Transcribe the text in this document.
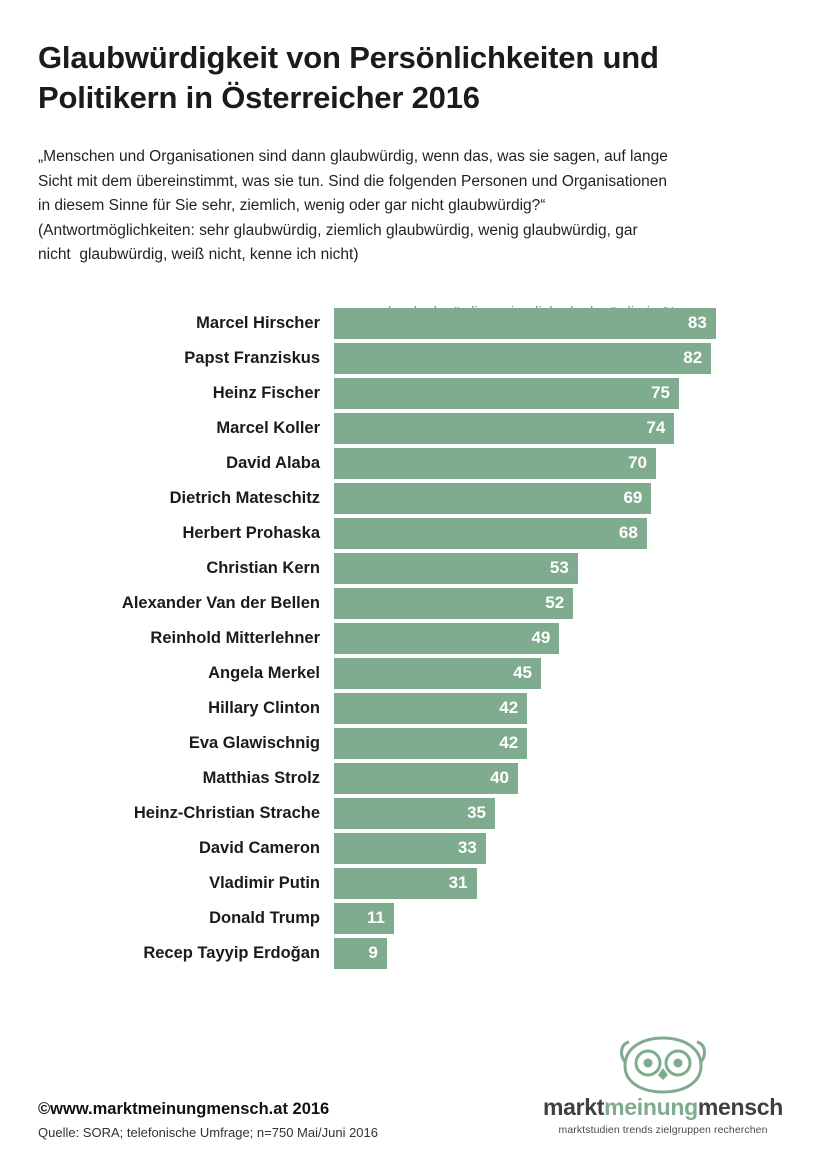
Glaubwürdigkeit von Persönlichkeiten und Politikern in Österreicher 2016
„Menschen und Organisationen sind dann glaubwürdig, wenn das, was sie sagen, auf lange
Sicht mit dem übereinstimmt, was sie tun. Sind die folgenden Personen und Organisationen
in diesem Sinne für Sie sehr, ziemlich, wenig oder gar nicht glaubwürdig?“
(Antwortmöglichkeiten: sehr glaubwürdig, ziemlich glaubwürdig, wenig glaubwürdig, gar
nicht  glaubwürdig, weiß nicht, kenne ich nicht)
Marcel Hirscher	83
Papst Franziskus	82
Heinz Fischer	75
Marcel Koller	74
David Alaba	70
Dietrich Mateschitz	69
Herbert Prohaska	68
Christian Kern	53
Alexander Van der Bellen	52
Reinhold Mitterlehner	49
Angela Merkel	45
Hillary Clinton	42
Eva Glawischnig	42
Matthias Strolz	40
Heinz-Christian Strache	35
David Cameron	33
Vladimir Putin	31
Donald Trump	11
Recep Tayyip Erdoğan	9

©www.marktmeinungmensch.at 2016

Quelle: SORA; telefonische Umfrage; n=750 Mai/Juni 2016
marktmeinungmensch
marktstudien trends zielgruppen recherchen
